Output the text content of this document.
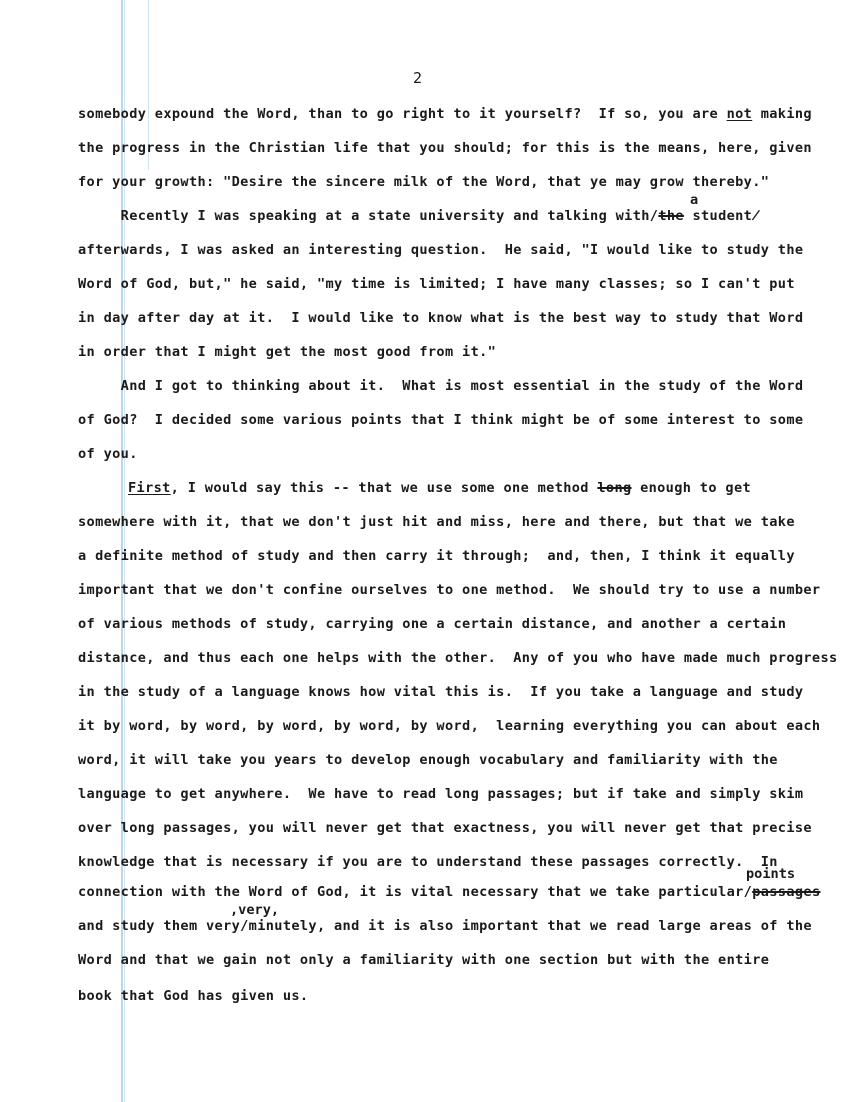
2
somebody expound the Word, than to go right to it yourself?  If so, you are not making
the progress in the Christian life that you should; for this is the means, here, given
for your growth: "Desire the sincere milk of the Word, that ye may grow thereby."
a
Recently I was speaking at a state university and talking with/the student̸
afterwards, I was asked an interesting question.  He said, "I would like to study the
Word of God, but," he said, "my time is limited; I have many classes; so I can't put
in day after day at it.  I would like to know what is the best way to study that Word
in order that I might get the most good from it."
And I got to thinking about it.  What is most essential in the study of the Word
of God?  I decided some various points that I think might be of some interest to some
of you.
First, I would say this -- that we use some one method long enough to get
somewhere with it, that we don't just hit and miss, here and there, but that we take
a definite method of study and then carry it through;  and, then, I think it equally
important that we don't confine ourselves to one method.  We should try to use a number
of various methods of study, carrying one a certain distance, and another a certain
distance, and thus each one helps with the other.  Any of you who have made much progress
in the study of a language knows how vital this is.  If you take a language and study
it by word, by word, by word, by word, by word,  learning everything you can about each
word, it will take you years to develop enough vocabulary and familiarity with the
language to get anywhere.  We have to read long passages; but if take and simply skim
over long passages, you will never get that exactness, you will never get that precise
knowledge that is necessary if you are to understand these passages correctly.  In
points
connection with the Word of God, it is vital necessary that we take particular/passages
,very,
and study them very/minutely, and it is also important that we read large areas of the
Word and that we gain not only a familiarity with one section but with the entire
book that God has given us.
